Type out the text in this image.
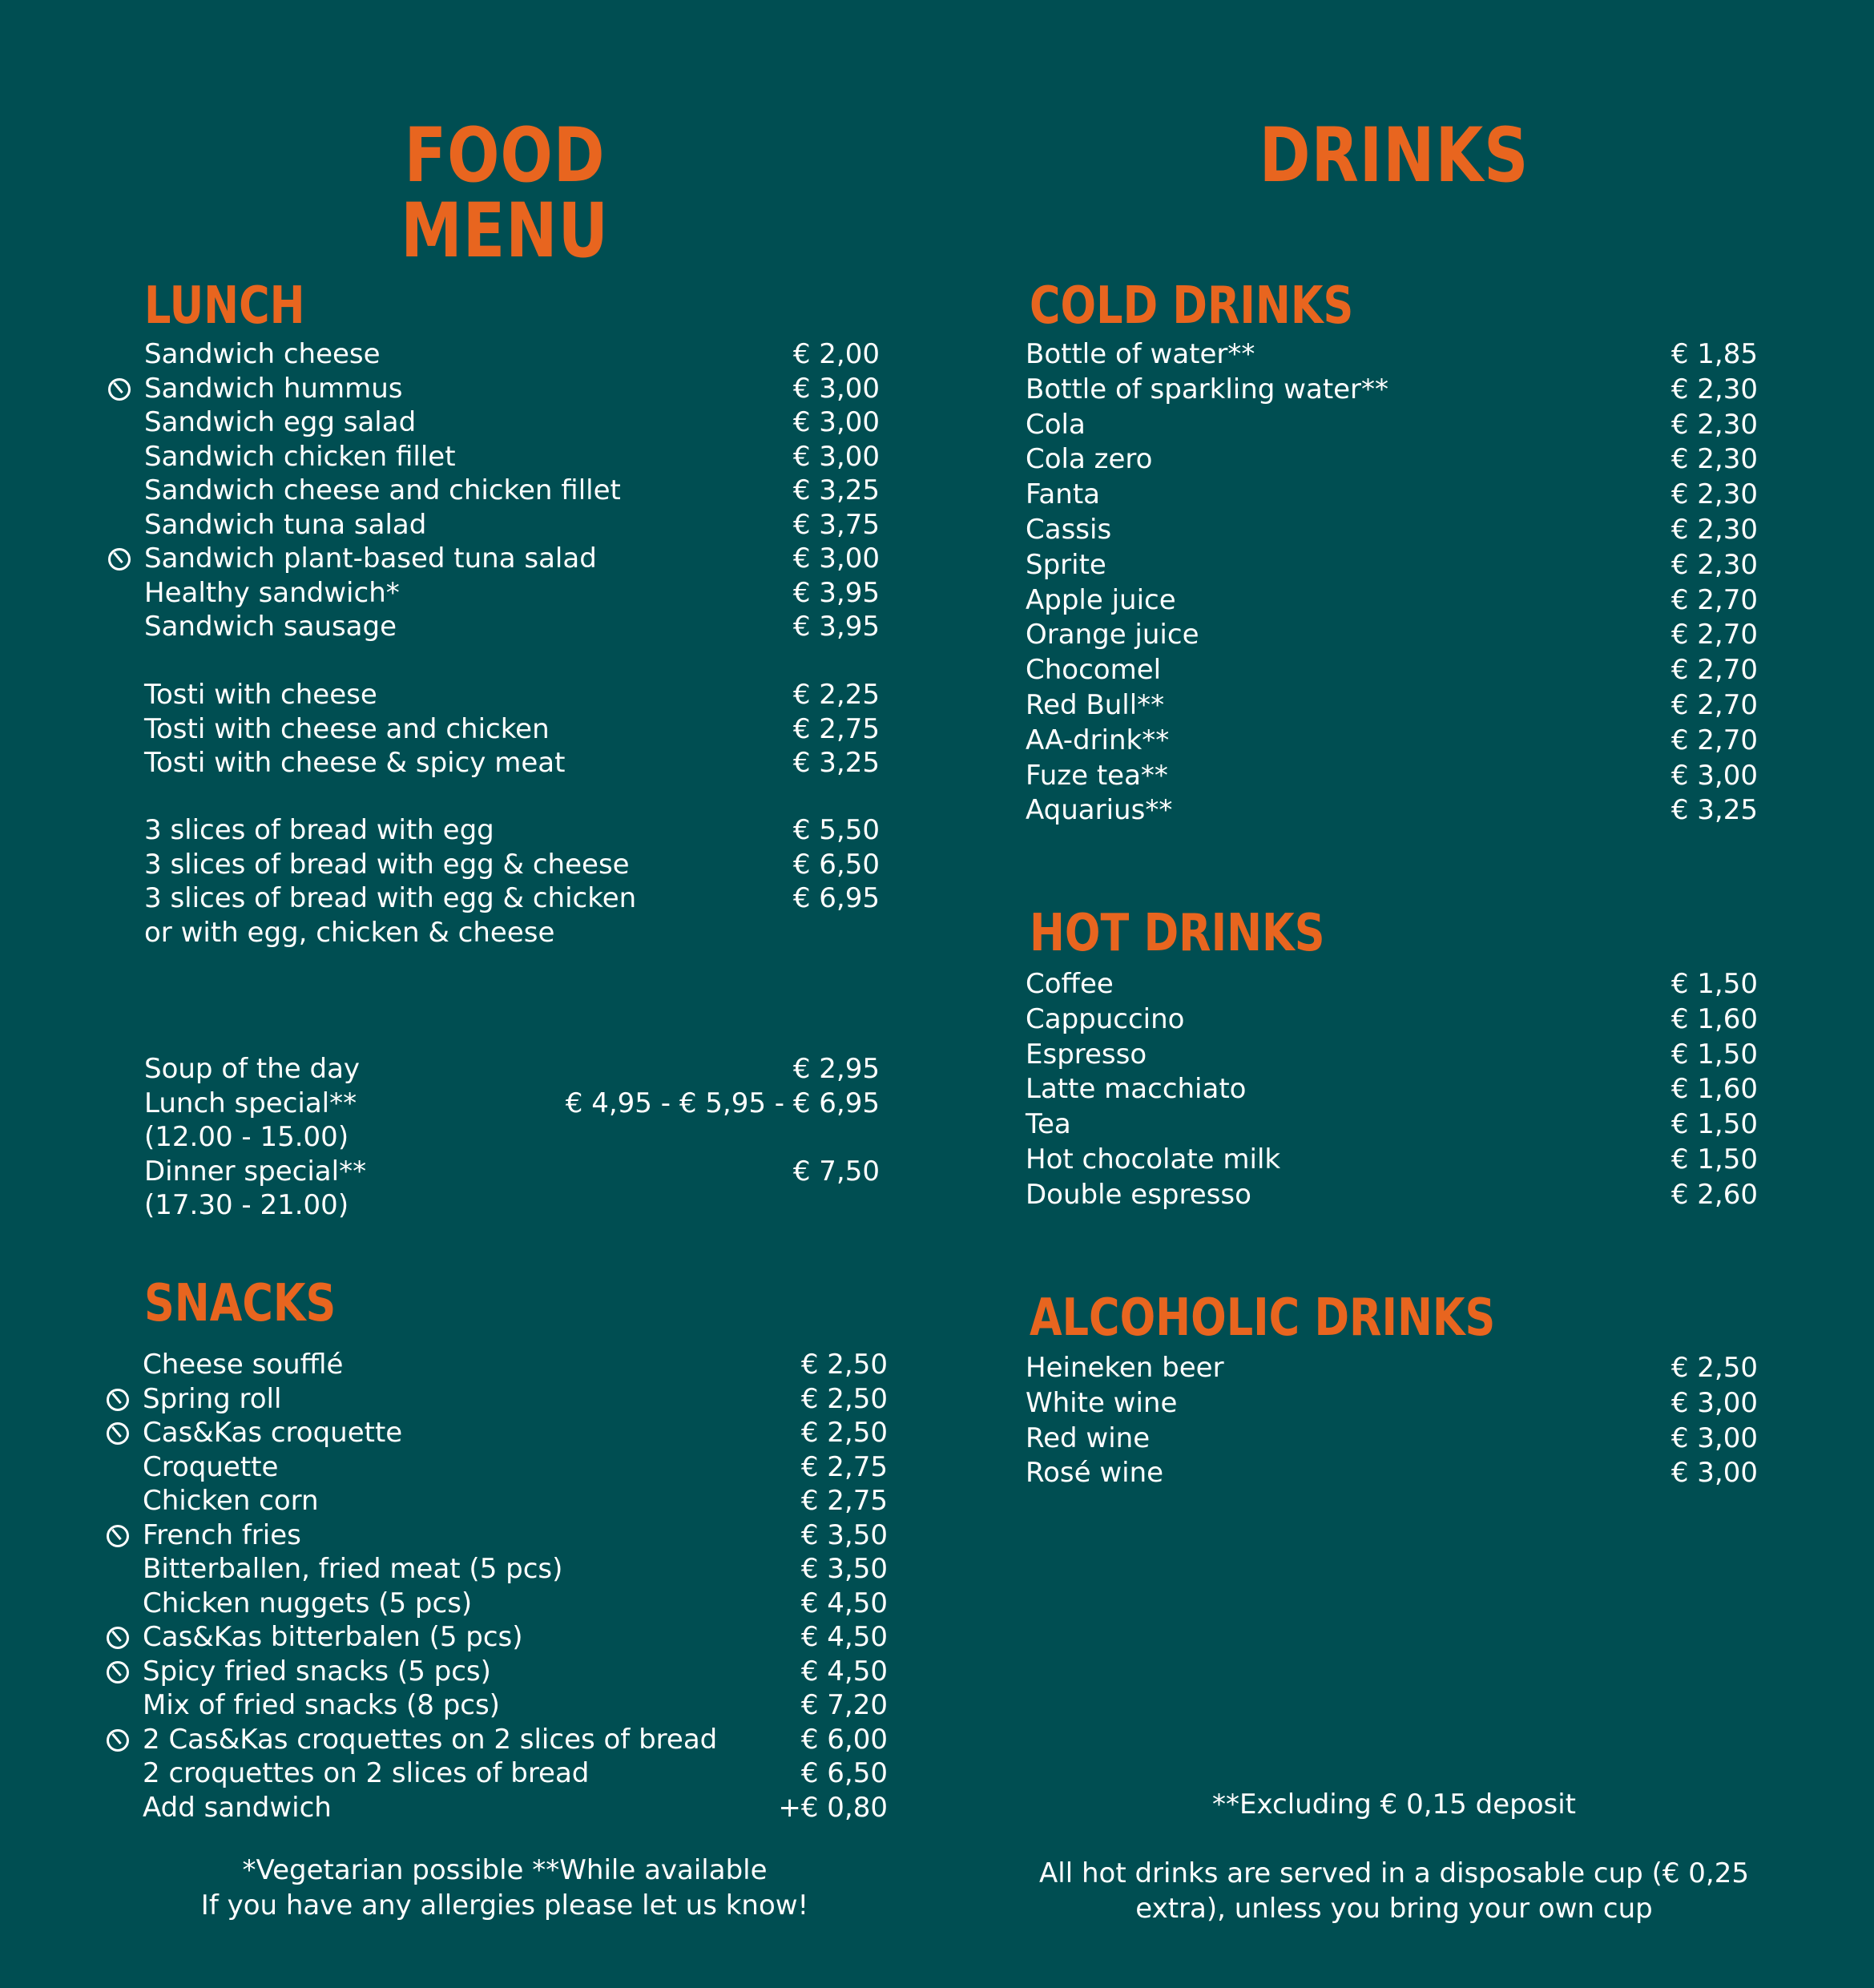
FOOD
MENU
DRINKS
LUNCH
SNACKS
COLD DRINKS
HOT DRINKS
ALCOHOLIC DRINKS
Sandwich cheese	€ 2,00
Sandwich hummus	€ 3,00
Sandwich egg salad	€ 3,00
Sandwich chicken fillet	€ 3,00
Sandwich cheese and chicken fillet	€ 3,25
Sandwich tuna salad	€ 3,75
Sandwich plant-based tuna salad	€ 3,00
Healthy sandwich*	€ 3,95
Sandwich sausage	€ 3,95
Tosti with cheese	€ 2,25
Tosti with cheese and chicken	€ 2,75
Tosti with cheese & spicy meat	€ 3,25
3 slices of bread with egg	€ 5,50
3 slices of bread with egg & cheese	€ 6,50
3 slices of bread with egg & chicken	€ 6,95
or with egg, chicken & cheese
Soup of the day	€ 2,95
Lunch special**	€ 4,95 - € 5,95 - € 6,95
(12.00 - 15.00)
Dinner special**	€ 7,50
(17.30 - 21.00)
Cheese soufflé	€ 2,50
Spring roll	€ 2,50
Cas&Kas croquette	€ 2,50
Croquette	€ 2,75
Chicken corn	€ 2,75
French fries	€ 3,50
Bitterballen, fried meat (5 pcs)	€ 3,50
Chicken nuggets (5 pcs)	€ 4,50
Cas&Kas bitterbalen (5 pcs)	€ 4,50
Spicy fried snacks (5 pcs)	€ 4,50
Mix of fried snacks (8 pcs)	€ 7,20
2 Cas&Kas croquettes on 2 slices of bread	€ 6,00
2 croquettes on 2 slices of bread	€ 6,50
Add sandwich	+€ 0,80
Bottle of water**	€ 1,85
Bottle of sparkling water**	€ 2,30
Cola	€ 2,30
Cola zero	€ 2,30
Fanta	€ 2,30
Cassis	€ 2,30
Sprite	€ 2,30
Apple juice	€ 2,70
Orange juice	€ 2,70
Chocomel	€ 2,70
Red Bull**	€ 2,70
AA-drink**	€ 2,70
Fuze tea**	€ 3,00
Aquarius**	€ 3,25
Coffee	€ 1,50
Cappuccino	€ 1,60
Espresso	€ 1,50
Latte macchiato	€ 1,60
Tea	€ 1,50
Hot chocolate milk	€ 1,50
Double espresso	€ 2,60
Heineken beer	€ 2,50
White wine	€ 3,00
Red wine	€ 3,00
Rosé wine	€ 3,00
*Vegetarian possible **While available
If you have any allergies please let us know!
**Excluding € 0,15 deposit
All hot drinks are served in a disposable cup (€ 0,25
extra), unless you bring your own cup
